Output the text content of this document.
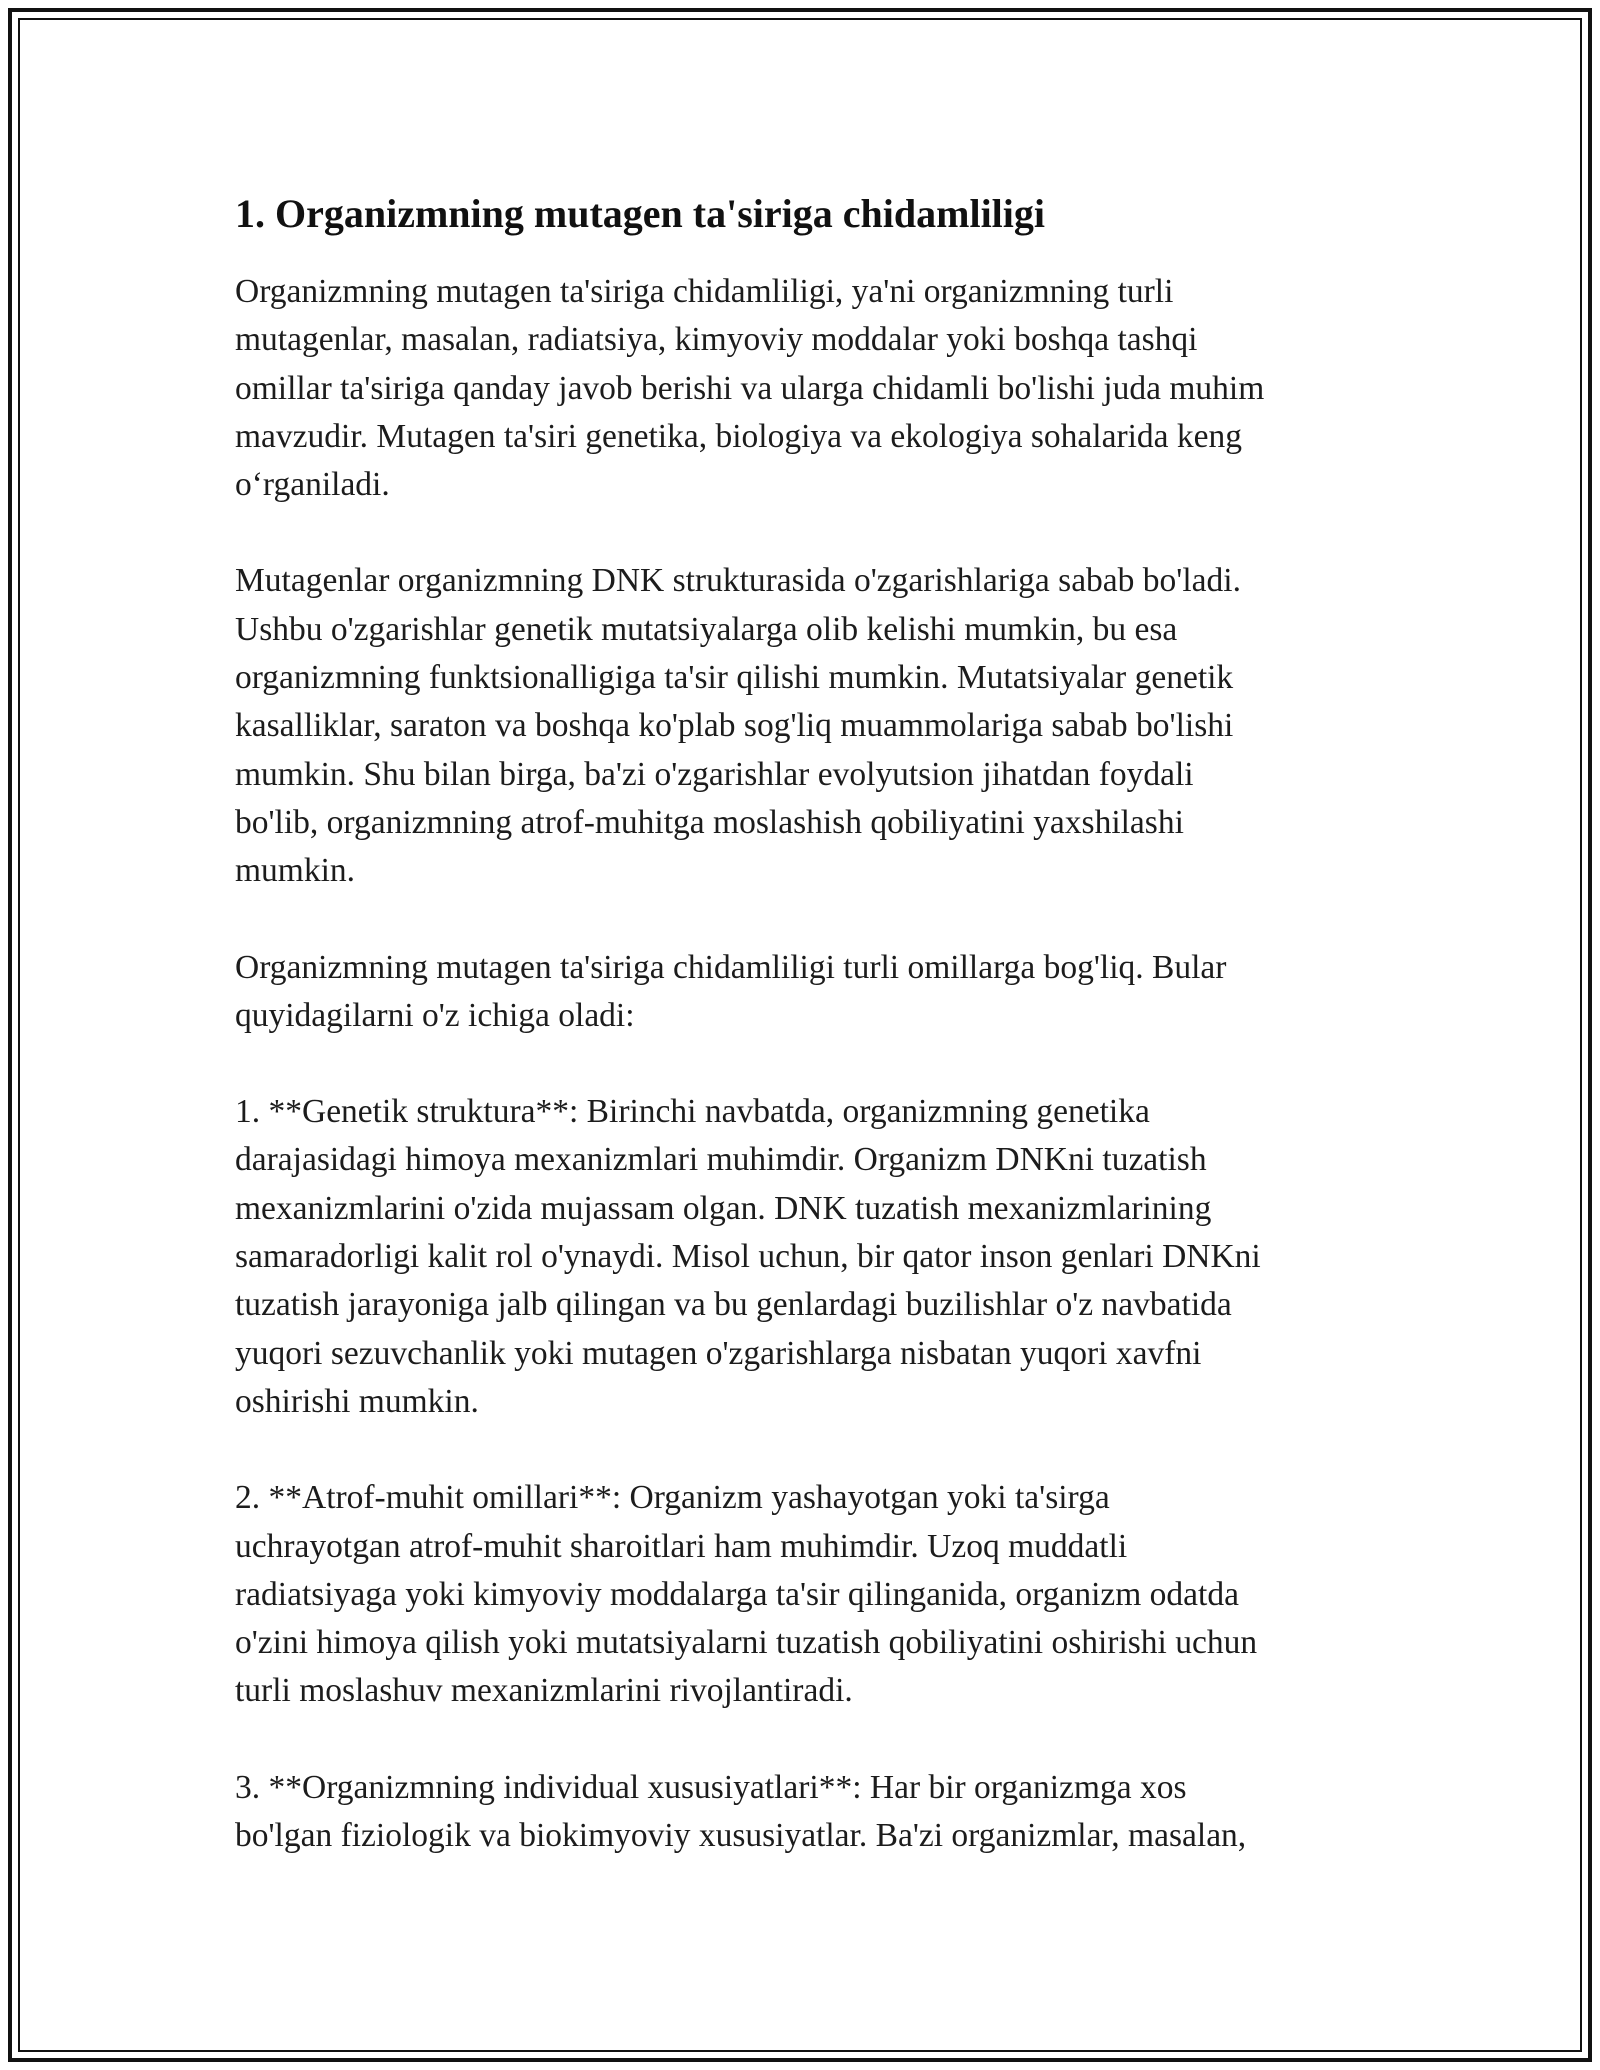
1. Organizmning mutagen ta'siriga chidamliligi

Organizmning mutagen ta'siriga chidamliligi, ya'ni organizmning turli
mutagenlar, masalan, radiatsiya, kimyoviy moddalar yoki boshqa tashqi
omillar ta'siriga qanday javob berishi va ularga chidamli bo'lishi juda muhim
mavzudir. Mutagen ta'siri genetika, biologiya va ekologiya sohalarida keng
o‘rganiladi.

Mutagenlar organizmning DNK strukturasida o'zgarishlariga sabab bo'ladi.
Ushbu o'zgarishlar genetik mutatsiyalarga olib kelishi mumkin, bu esa
organizmning funktsionalligiga ta'sir qilishi mumkin. Mutatsiyalar genetik
kasalliklar, saraton va boshqa ko'plab sog'liq muammolariga sabab bo'lishi
mumkin. Shu bilan birga, ba'zi o'zgarishlar evolyutsion jihatdan foydali
bo'lib, organizmning atrof-muhitga moslashish qobiliyatini yaxshilashi
mumkin.

Organizmning mutagen ta'siriga chidamliligi turli omillarga bog'liq. Bular
quyidagilarni o'z ichiga oladi:

1. **Genetik struktura**: Birinchi navbatda, organizmning genetika
darajasidagi himoya mexanizmlari muhimdir. Organizm DNKni tuzatish
mexanizmlarini o'zida mujassam olgan. DNK tuzatish mexanizmlarining
samaradorligi kalit rol o'ynaydi. Misol uchun, bir qator inson genlari DNKni
tuzatish jarayoniga jalb qilingan va bu genlardagi buzilishlar o'z navbatida
yuqori sezuvchanlik yoki mutagen o'zgarishlarga nisbatan yuqori xavfni
oshirishi mumkin.

2. **Atrof-muhit omillari**: Organizm yashayotgan yoki ta'sirga
uchrayotgan atrof-muhit sharoitlari ham muhimdir. Uzoq muddatli
radiatsiyaga yoki kimyoviy moddalarga ta'sir qilinganida, organizm odatda
o'zini himoya qilish yoki mutatsiyalarni tuzatish qobiliyatini oshirishi uchun
turli moslashuv mexanizmlarini rivojlantiradi.

3. **Organizmning individual xususiyatlari**: Har bir organizmga xos
bo'lgan fiziologik va biokimyoviy xususiyatlar. Ba'zi organizmlar, masalan,
